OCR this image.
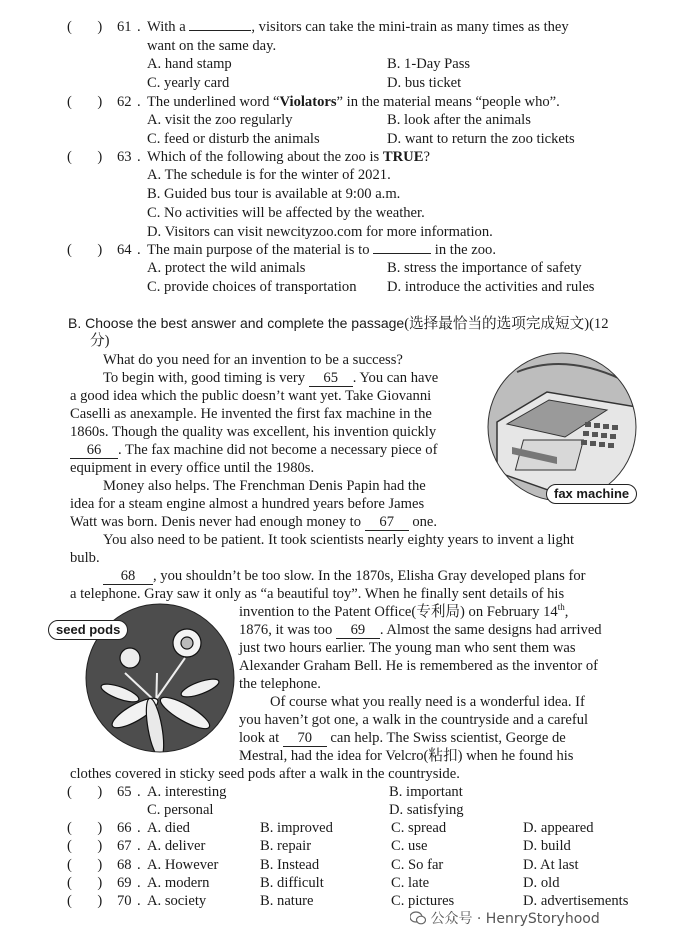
(       ) 61 . With a	, visitors can take the mini-train as many times as they
want on the same day.
A. hand stamp	B. 1-Day Pass
C. yearly card	D. bus ticket
(       ) 62 . The underlined word “Violators” in the material means “people who”.
A. visit the zoo regularly	B. look after the animals
C. feed or disturb the animals	D. want to return the zoo tickets
(       ) 63 . Which of the following about the zoo is TRUE?
A. The schedule is for the winter of 2021.
B. Guided bus tour is available at 9:00 a.m.
C. No activities will be affected by the weather.
D. Visitors can visit newcityzoo.com for more information.
(       ) 64 . The main purpose of the material is to	in the zoo.
A. protect the wild animals	B. stress the importance of safety
C. provide choices of transportation D. introduce the activities and rules
B. Choose the best answer and complete the passage(选择最恰当的选项完成短文)(12
分)
fax machine
What do you need for an invention to be a success?
To begin with, good timing is very 65 . You can have
a good idea which the public doesn’t want yet. Take Giovanni
Caselli as anexample. He invented the first fax machine in the
1860s. Though the quality was excellent, his invention quickly
66 . The fax machine did not become a necessary piece of
equipment in every office until the 1980s.
Money also helps. The Frenchman Denis Papin had the
idea for a steam engine almost a hundred years before James
Watt was born. Denis never had enough money to 67 one.
You also need to be patient. It took scientists nearly eighty years to invent a light
bulb.
68 , you shouldn’t be too slow. In the 1870s, Elisha Gray developed plans for
a telephone. Gray saw it only as “a beautiful toy”. When he finally sent details of his
seed pods
invention to the Patent Office(专利局) on February 14th,
1876, it was too 69 . Almost the same designs had arrived
just two hours earlier. The young man who sent them was
Alexander Graham Bell. He is remembered as the inventor of
the telephone.
Of course what you really need is a wonderful idea. If
you haven’t got one, a walk in the countryside and a careful
look at 70 can help. The Swiss scientist, George de
Mestral, had the idea for Velcro(粘扣) when he found his
clothes covered in sticky seed pods after a walk in the countryside.
(       ) 65 . A. interesting	B. important
C. personal	D. satisfying
(       ) 66 . A. died	B. improved	C. spread	D. appeared
(       ) 67 . A. deliver	B. repair	C. use	D. build
(       ) 68 . A. However	B. Instead	C. So far	D. At last
(       ) 69 . A. modern	B. difficult	C. late	D. old
(       ) 70 . A. society	B. nature	C. pictures	D. advertisements
公众号 · HenryStoryhood
